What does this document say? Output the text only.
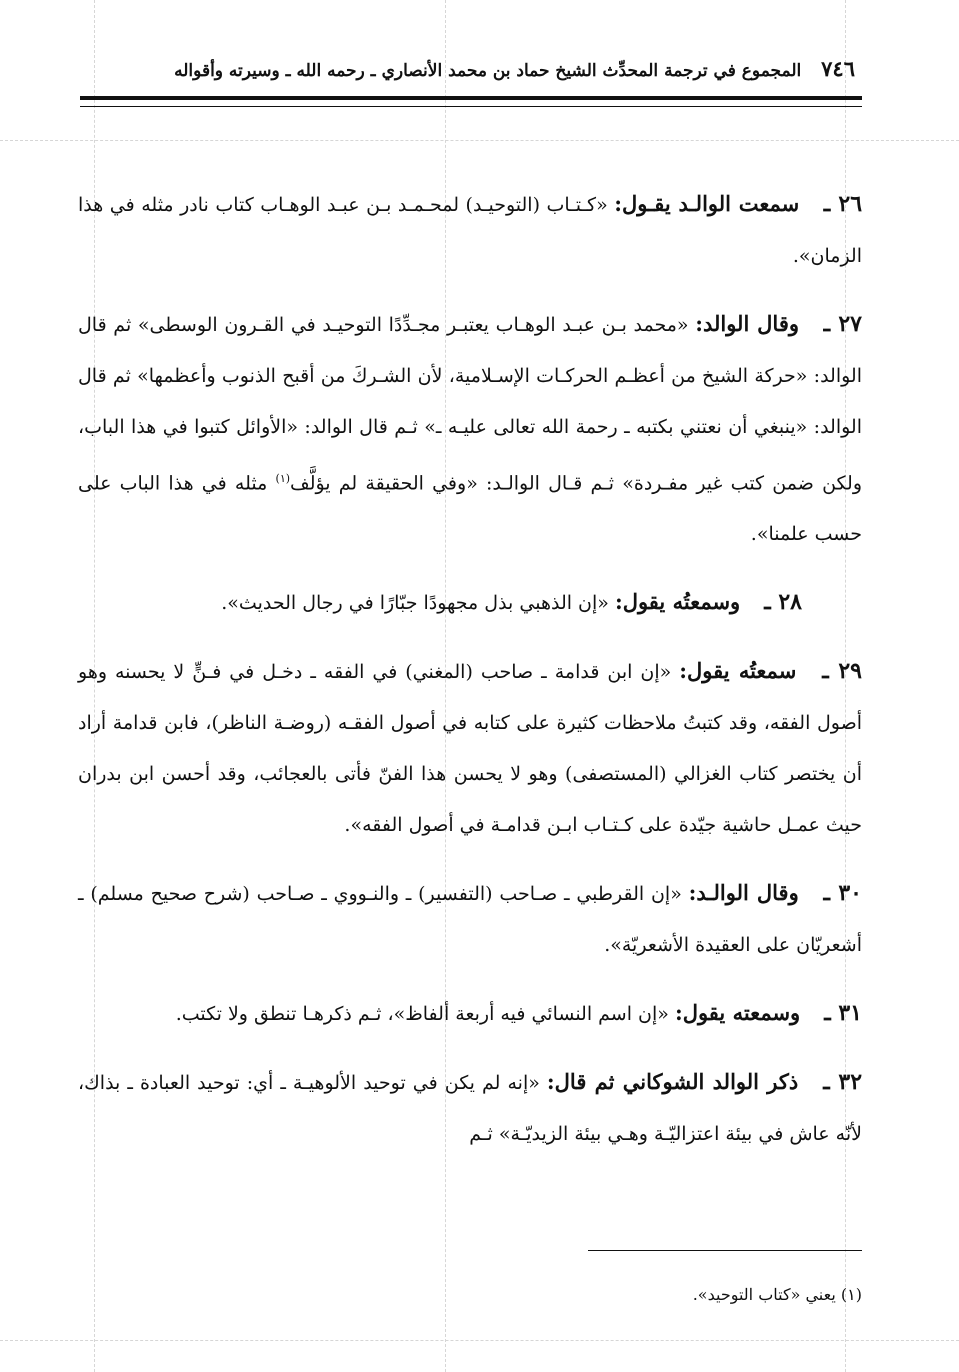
٧٤٦ المجموع في ترجمة المحدِّث الشيخ حماد بن محمد الأنصاري ـ رحمه الله ـ وسيرته وأقواله

٢٦ ـ سمعت الوالـد يقـول: «كـتـاب (التوحيـد) لمحـمـد بـن عبـد الوهـاب كتاب نادر مثله في هذا الزمان».

٢٧ ـ وقال الوالد: «محمد بـن عبـد الوهـاب يعتبـر مجـدِّدًا التوحيـد في القـرون الوسطى» ثم قال الوالد: «حركة الشيخ من أعظـم الحركـات الإسـلامية، لأن الشـركَ من أقبح الذنوب وأعظمها» ثم قال الوالد: «ينبغي أن نعتني بكتبه ـ رحمة الله تعالى عليـه ـ» ثـم قال الوالد: «الأوائل كتبوا في هذا الباب، ولكن ضمن كتب غير مفـردة» ثـم قـال الوالـد: «وفي الحقيقة لم يؤلَّف$^{(١)}$ مثله في هذا الباب على حسب علمنا».

٢٨ ـ وسمعتُه يقول: «إن الذهبي بذل مجهودًا جبّارًا في رجال الحديث».

٢٩ ـ سمعتُه يقول: «إن ابن قدامة ـ صاحب (المغني) في الفقه ـ دخـل في فـنٍّ لا يحسنه وهو أصول الفقه، وقد كتبتُ ملاحظات كثيرة على كتابه في أصول الفقـه (روضـة الناظر)، فابن قدامة أراد أن يختصر كتاب الغزالي (المستصفى) وهو لا يحسن هذا الفنّ فأتى بالعجائب، وقد أحسن ابن بدران حيث عمـل حاشية جيّدة على كـتـاب ابـن قدامـة في أصول الفقه».

٣٠ ـ وقال الوالـد: «إن القرطبي ـ صـاحب (التفسير) ـ والنـووي ـ صـاحب (شرح صحيح مسلم) ـ أشعريّان على العقيدة الأشعريّة».

٣١ ـ وسمعته يقول: «إن اسم النسائي فيه أربعة ألفاظ»، ثـم ذكرهـا تنطق ولا تكتب.

٣٢ ـ ذكر الوالد الشوكاني ثم قال: «إنه لم يكن في توحيد الألوهيـة ـ أي: توحيد العبادة ـ بذاك، لأنّه عاش في بيئة اعتزاليّـة وهـي بيئة الزيديّـة» ثـم

(١) يعني «كتاب التوحيد».
